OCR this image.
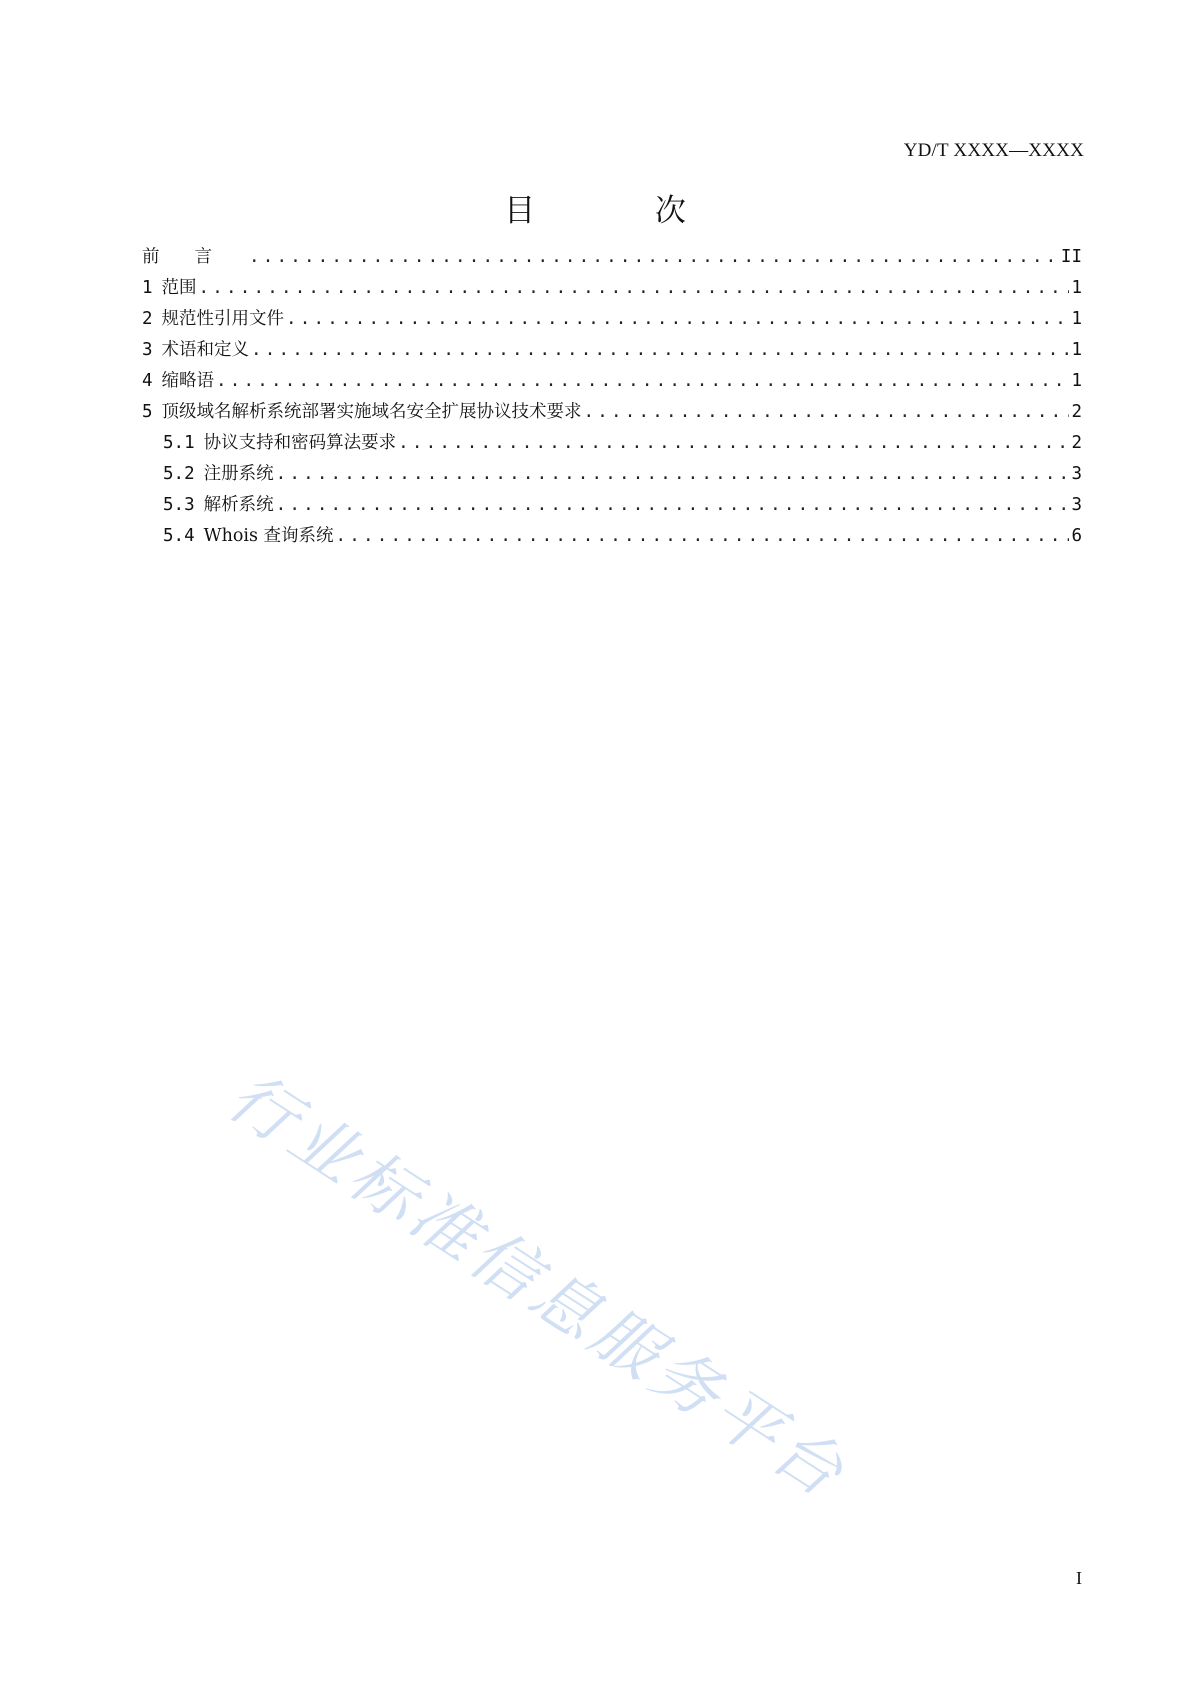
YD/T XXXX—XXXX
目 次
前言 .....	II
1 范围 .....	1
2 规范性引用文件 .....	1
3 术语和定义 .....	1
4 缩略语 .....	1
5 顶级域名解析系统部署实施域名安全扩展协议技术要求 .....	2
5.1 协议支持和密码算法要求 .....	2
5.2 注册系统 .....	3
5.3 解析系统 .....	3
5.4 Whois 查询系统 .....	6
行业标准信息服务平台
I
